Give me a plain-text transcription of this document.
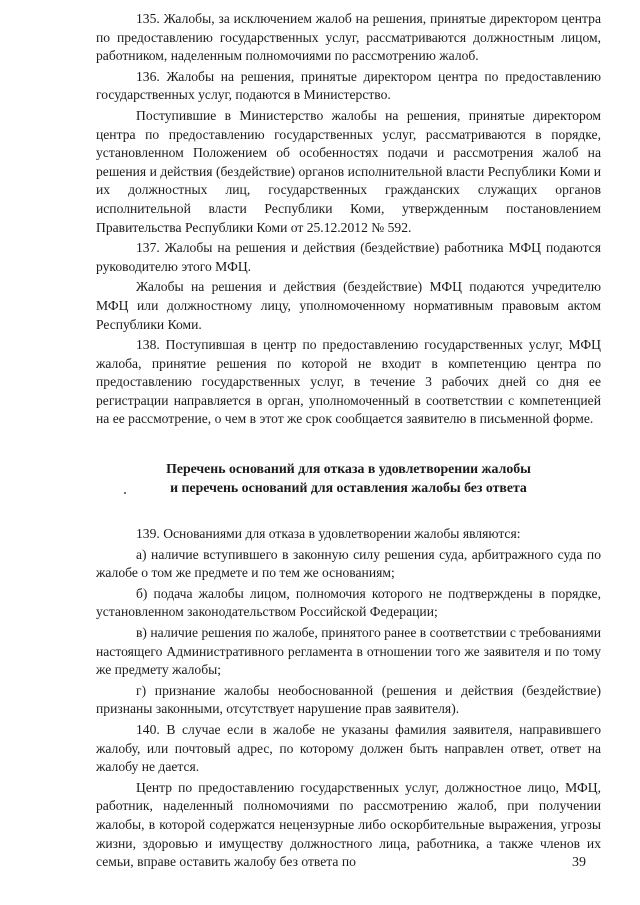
135. Жалобы, за исключением жалоб на решения, принятые директором центра по предоставлению государственных услуг, рассматриваются должностным лицом, работником, наделенным полномочиями по рассмотрению жалоб.

136. Жалобы на решения, принятые директором центра по предоставлению государственных услуг, подаются в Министерство.

Поступившие в Министерство жалобы на решения, принятые директором центра по предоставлению государственных услуг, рассматриваются в порядке, установленном Положением об особенностях подачи и рассмотрения жалоб на решения и действия (бездействие) органов исполнительной власти Республики Коми и их должностных лиц, государственных гражданских служащих органов исполнительной власти Республики Коми, утвержденным постановлением Правительства Республики Коми от 25.12.2012 № 592.

137. Жалобы на решения и действия (бездействие) работника МФЦ подаются руководителю этого МФЦ.

Жалобы на решения и действия (бездействие) МФЦ подаются учредителю МФЦ или должностному лицу, уполномоченному нормативным правовым актом Республики Коми.

138. Поступившая в центр по предоставлению государственных услуг, МФЦ жалоба, принятие решения по которой не входит в компетенцию центра по предоставлению государственных услуг, в течение 3 рабочих дней со дня ее регистрации направляется в орган, уполномоченный в соответствии с компетенцией на ее рассмотрение, о чем в этот же срок сообщается заявителю в письменной форме.

Перечень оснований для отказа в удовлетворении жалобы
и перечень оснований для оставления жалобы без ответа

139. Основаниями для отказа в удовлетворении жалобы являются:

а) наличие вступившего в законную силу решения суда, арбитражного суда по жалобе о том же предмете и по тем же основаниям;

б) подача жалобы лицом, полномочия которого не подтверждены в порядке, установленном законодательством Российской Федерации;

в) наличие решения по жалобе, принятого ранее в соответствии с требованиями настоящего Административного регламента в отношении того же заявителя и по тому же предмету жалобы;

г) признание жалобы необоснованной (решения и действия (бездействие) признаны законными, отсутствует нарушение прав заявителя).

140. В случае если в жалобе не указаны фамилия заявителя, направившего жалобу, или почтовый адрес, по которому должен быть направлен ответ, ответ на жалобу не дается.

Центр по предоставлению государственных услуг, должностное лицо, МФЦ, работник, наделенный полномочиями по рассмотрению жалоб, при получении жалобы, в которой содержатся нецензурные либо оскорбительные выражения, угрозы жизни, здоровью и имуществу должностного лица, работника, а также членов их семьи, вправе оставить жалобу без ответа по	39
